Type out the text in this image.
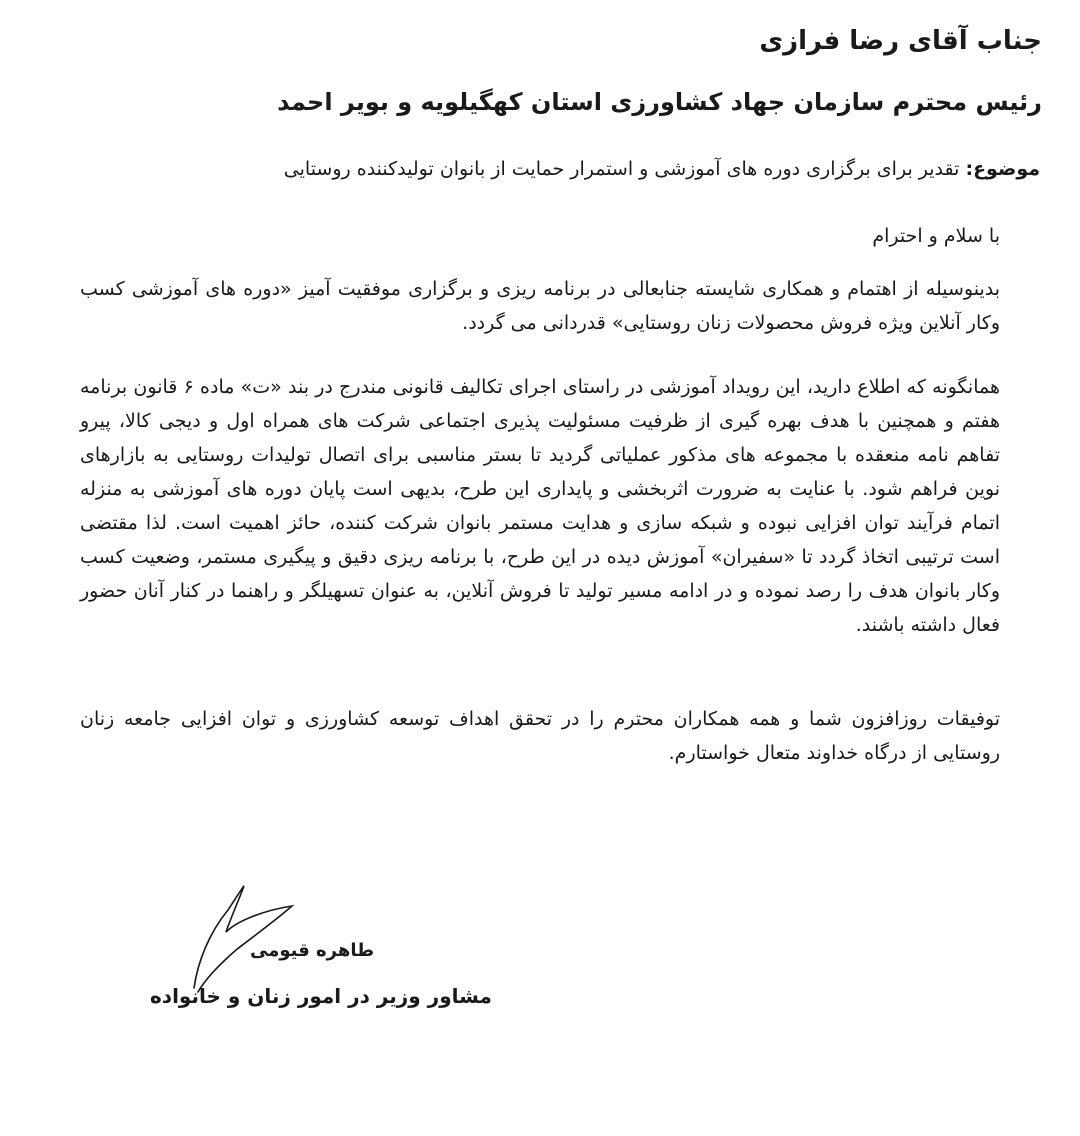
جناب آقای رضا فرازی
رئیس محترم سازمان جهاد کشاورزی استان کهگیلویه و بویر احمد
موضوع: تقدیر برای برگزاری دوره های آموزشی و استمرار حمایت از بانوان تولیدکننده روستایی
با سلام و احترام
بدینوسیله از اهتمام و همکاری شایسته جنابعالی در برنامه ریزی و برگزاری موفقیت آمیز «دوره های آموزشی کسب وکار آنلاین ویژه فروش محصولات زنان روستایی» قدردانی می گردد.
همانگونه که اطلاع دارید، این رویداد آموزشی در راستای اجرای تکالیف قانونی مندرج در بند «ت» ماده ۶ قانون برنامه هفتم و همچنین با هدف بهره گیری از ظرفیت مسئولیت پذیری اجتماعی شرکت های همراه اول و دیجی کالا، پیرو تفاهم نامه منعقده با مجموعه های مذکور عملیاتی گردید تا بستر مناسبی برای اتصال تولیدات روستایی به بازارهای نوین فراهم شود. با عنایت به ضرورت اثربخشی و پایداری این طرح، بدیهی است پایان دوره های آموزشی به منزله اتمام فرآیند توان افزایی نبوده و شبکه سازی و هدایت مستمر بانوان شرکت کننده، حائز اهمیت است. لذا مقتضی است ترتیبی اتخاذ گردد تا «سفیران» آموزش دیده در این طرح، با برنامه ریزی دقیق و پیگیری مستمر، وضعیت کسب وکار بانوان هدف را رصد نموده و در ادامه مسیر تولید تا فروش آنلاین، به عنوان تسهیلگر و راهنما در کنار آنان حضور فعال داشته باشند.
توفیقات روزافزون شما و همه همکاران محترم را در تحقق اهداف توسعه کشاورزی و توان افزایی جامعه زنان روستایی از درگاه خداوند متعال خواستارم.
طاهره قیومی
مشاور وزیر در امور زنان و خانواده
